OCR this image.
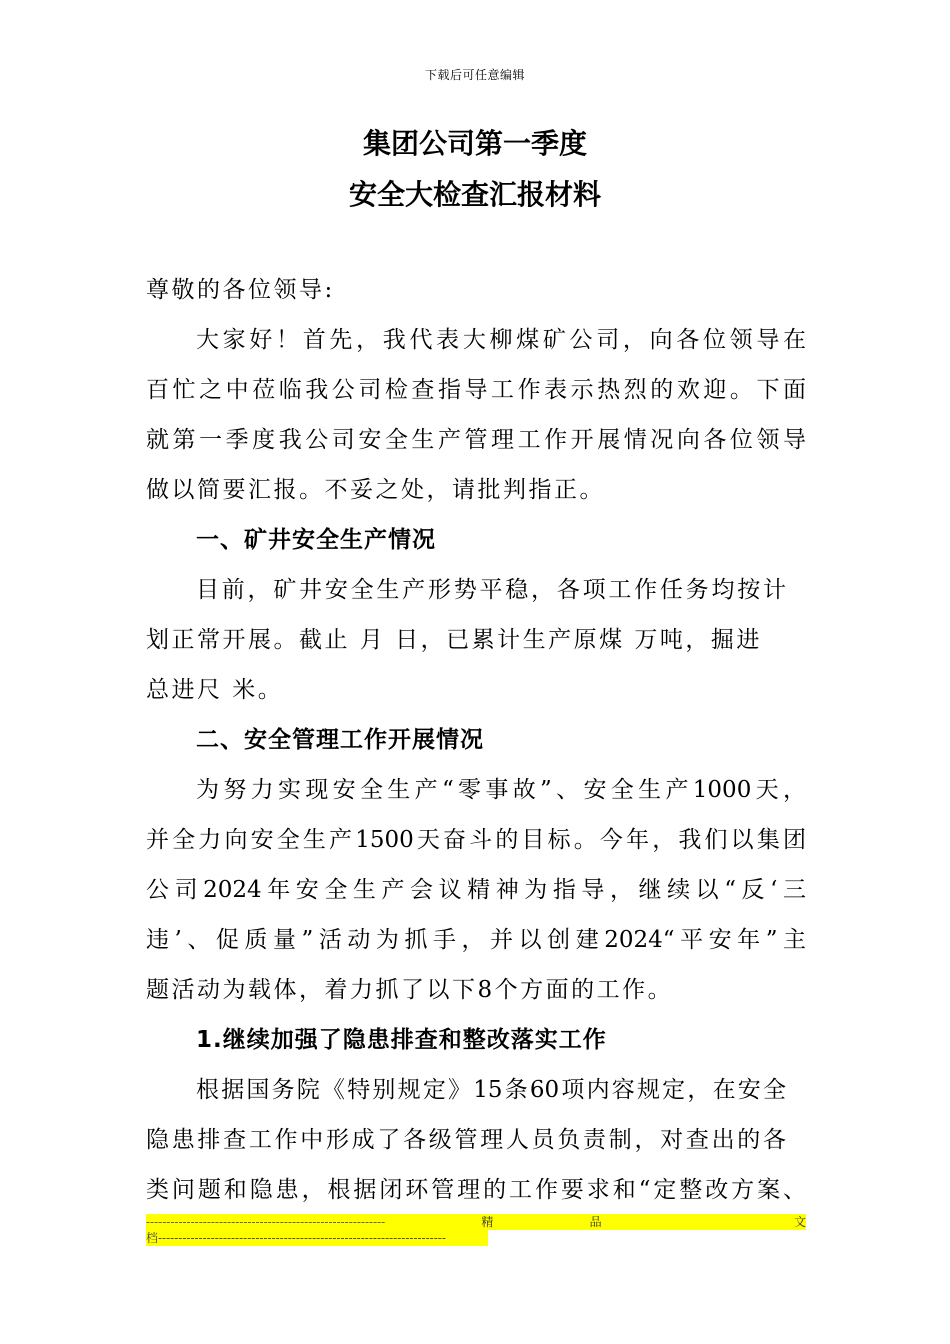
下载后可任意编辑
集团公司第一季度
安全大检查汇报材料
尊敬的各位领导:
大家好！首先，我代表大柳煤矿公司，向各位领导在
百忙之中莅临我公司检查指导工作表示热烈的欢迎。下面
就第一季度我公司安全生产管理工作开展情况向各位领导
做以简要汇报。不妥之处，请批判指正。
一、矿井安全生产情况
目前，矿井安全生产形势平稳，各项工作任务均按计
划正常开展。截止 月 日，已累计生产原煤 万吨，掘进
总进尺 米。
二、安全管理工作开展情况
为努力实现安全生产“零事故”、安全生产1000天，
并全力向安全生产1500天奋斗的目标。今年，我们以集团
公司2024年安全生产会议精神为指导，继续以“反‘三
违’、促质量”活动为抓手，并以创建2024“平安年”主
题活动为载体，着力抓了以下8个方面的工作。
1.继续加强了隐患排查和整改落实工作
根据国务院《特别规定》15条60项内容规定，在安全
隐患排查工作中形成了各级管理人员负责制，对查出的各
类问题和隐患，根据闭环管理的工作要求和“定整改方案、
-----------------------------------------------------------	精	品	文
档-----------------------------------------------------------------------
